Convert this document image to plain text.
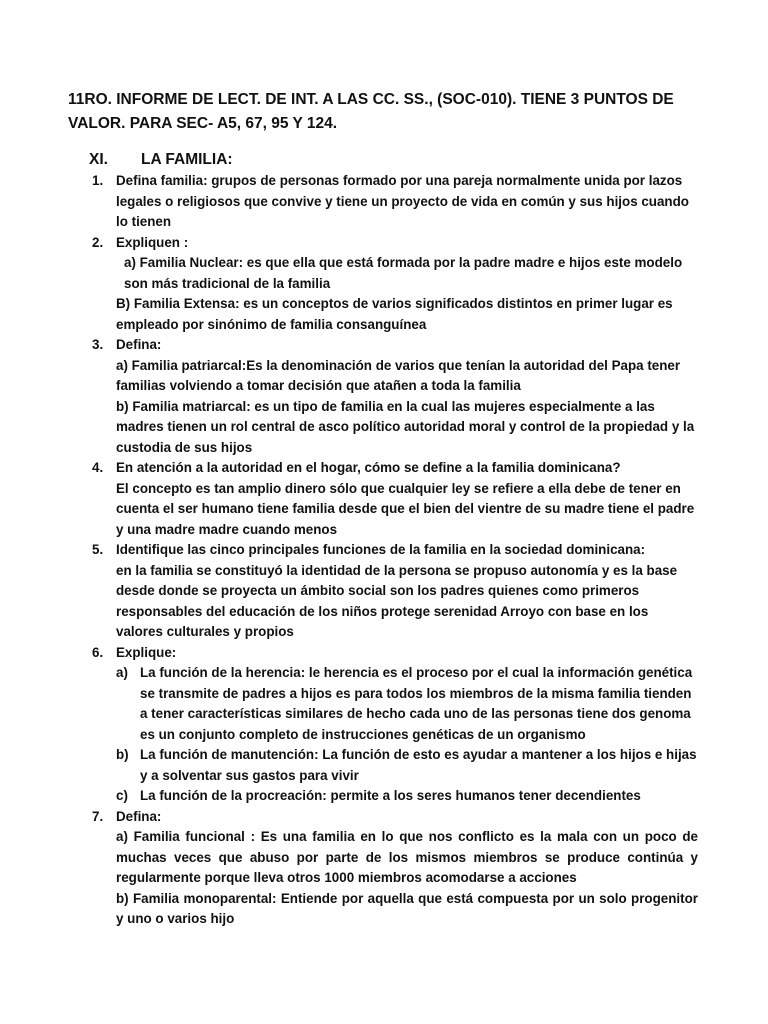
11RO. INFORME DE LECT. DE INT. A LAS CC. SS., (SOC-010). TIENE 3 PUNTOS DE VALOR. PARA SEC- A5, 67, 95 Y 124.

XI. LA FAMILIA:
1. Defina familia: grupos de personas formado por una pareja normalmente unida por lazos legales o religiosos que convive y tiene un proyecto de vida en común y sus hijos cuando lo tienen
2. Expliquen :
a) Familia Nuclear: es que ella que está formada por la padre madre e hijos este modelo son más tradicional de la familia
B) Familia Extensa: es un conceptos de varios significados distintos en primer lugar es empleado por sinónimo de familia consanguínea
3. Defina:
a) Familia patriarcal:Es la denominación de varios que tenían la autoridad del Papa tener familias volviendo a tomar decisión que atañen a toda la familia
b) Familia matriarcal: es un tipo de familia en la cual las mujeres especialmente a las madres tienen un rol central de asco político autoridad moral y control de la propiedad y la custodia de sus hijos
4. En atención a la autoridad en el hogar, cómo se define a la familia dominicana?
El concepto es tan amplio dinero sólo que cualquier ley se refiere a ella debe de tener en cuenta el ser humano tiene familia desde que el bien del vientre de su madre tiene el padre y una madre madre cuando menos
5. Identifique las cinco principales funciones de la familia en la sociedad dominicana:
en la familia se constituyó la identidad de la persona se propuso autonomía y es la base desde donde se proyecta un ámbito social son los padres quienes como primeros responsables del educación de los niños protege serenidad Arroyo con base en los valores culturales y propios
6. Explique:
a) La función de la herencia: le herencia es el proceso por el cual la información genética se transmite de padres a hijos es para todos los miembros de la misma familia tienden a tener características similares de hecho cada uno de las personas tiene dos genoma es un conjunto completo de instrucciones genéticas de un organismo
b) La función de manutención: La función de esto es ayudar a mantener a los hijos e hijas y a solventar sus gastos para vivir
c) La función de la procreación: permite a los seres humanos tener decendientes
7. Defina:
a) Familia funcional : Es una familia en lo que nos conflicto es la mala con un poco de muchas veces que abuso por parte de los mismos miembros se produce continúa y regularmente porque lleva otros 1000 miembros acomodarse a acciones
b) Familia monoparental: Entiende por aquella que está compuesta por un solo progenitor y uno o varios hijo
